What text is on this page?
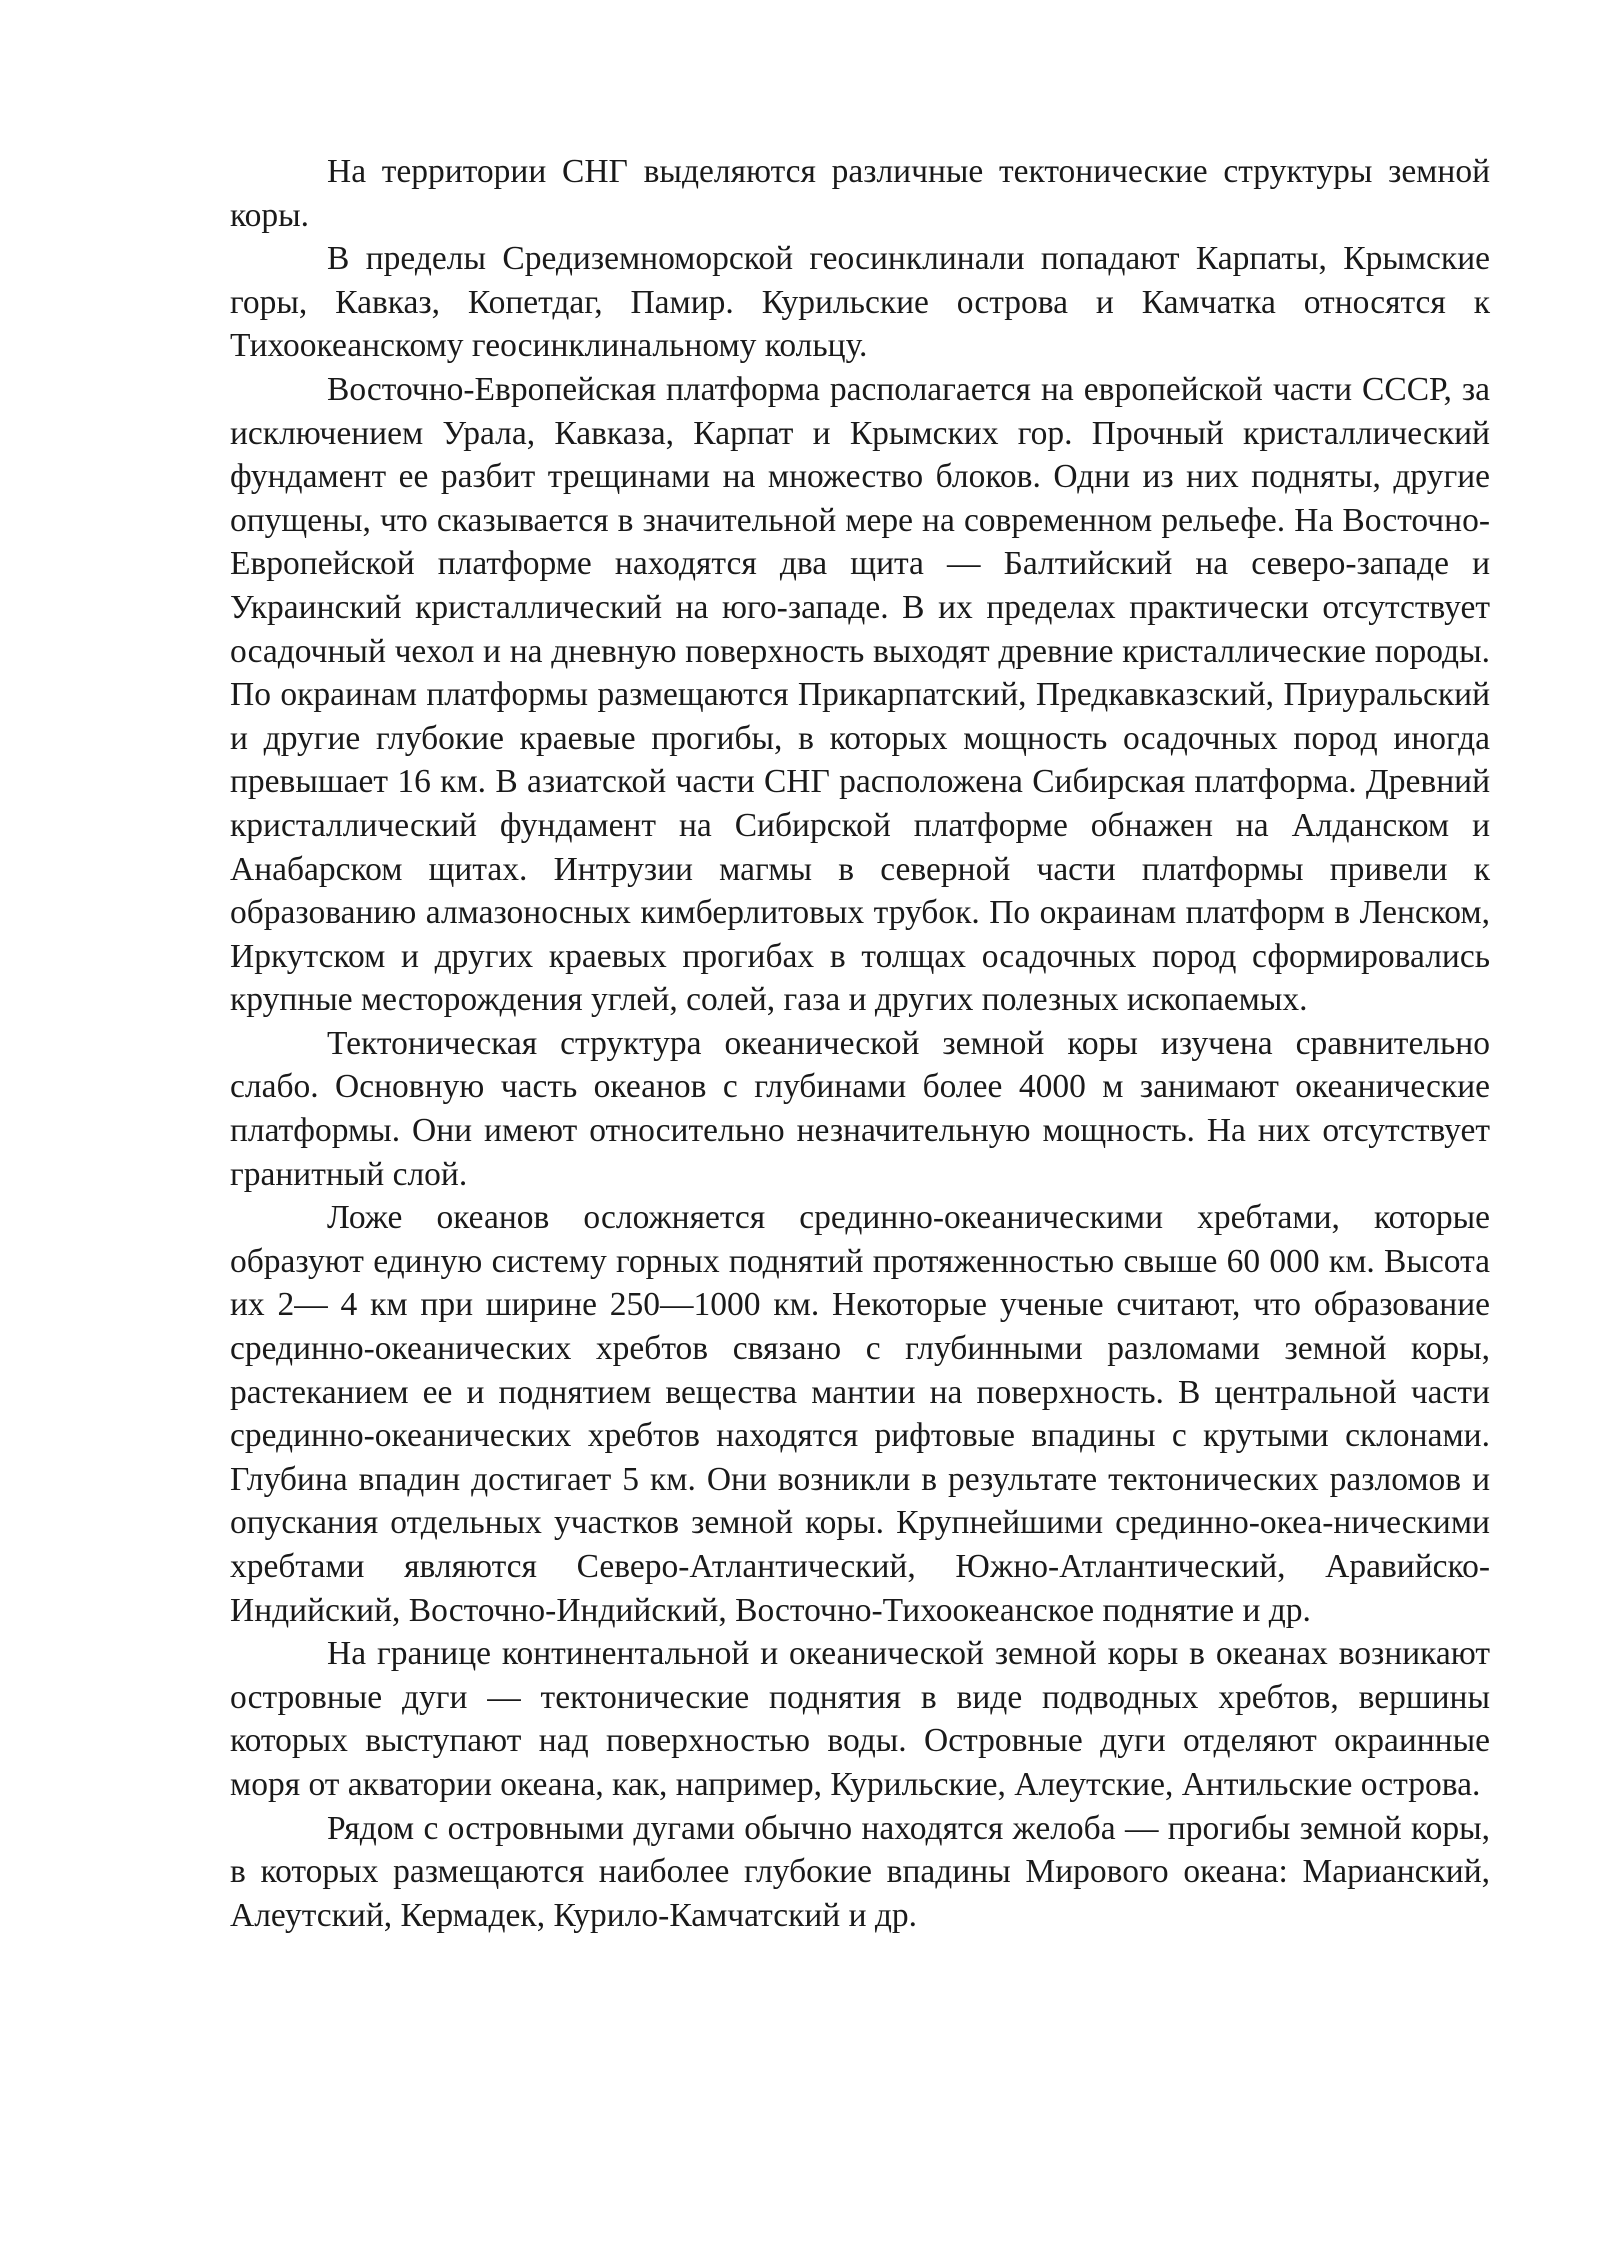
На территории СНГ выделяются различные тектонические структуры земной коры.

В пределы Средиземноморской геосинклинали попадают Карпаты, Крымские горы, Кавказ, Копетдаг, Памир. Курильские острова и Камчатка относятся к Тихоокеанскому геосинклинальному кольцу.

Восточно-Европейская платформа располагается на европейской части СССР, за исключением Урала, Кавказа, Карпат и Крымских гор. Прочный кристаллический фундамент ее разбит трещинами на множество блоков. Одни из них подняты, другие опущены, что сказывается в значительной мере на современном рельефе. На Восточно-Европейской платформе находятся два щита — Балтийский на северо-западе и Украинский кристаллический на юго-западе. В их пределах практически отсутствует осадочный чехол и на дневную поверхность выходят древние кристаллические породы. По окраинам платформы размещаются Прикарпатский, Предкавказский, Приуральский и другие глубокие краевые прогибы, в которых мощность осадочных пород иногда превышает 16 км. В азиатской части СНГ расположена Сибирская платформа. Древний кристаллический фундамент на Сибирской платформе обнажен на Алданском и Анабарском щитах. Интрузии магмы в северной части платформы привели к образованию алмазоносных кимберлитовых трубок. По окраинам платформ в Ленском, Иркутском и других краевых прогибах в толщах осадочных пород сформировались крупные месторождения углей, солей, газа и других полезных ископаемых.

Тектоническая структура океанической земной коры изучена сравнительно слабо. Основную часть океанов с глубинами более 4000 м занимают океанические платформы. Они имеют относительно незначительную мощность. На них отсутствует гранитный слой.

Ложе океанов осложняется срединно-океаническими хребтами, которые образуют единую систему горных поднятий протяженностью свыше 60 000 км. Высота их 2— 4 км при ширине 250—1000 км. Некоторые ученые считают, что образование срединно-океанических хребтов связано с глубинными разломами земной коры, растеканием ее и поднятием вещества мантии на поверхность. В центральной части срединно-океанических хребтов находятся рифтовые впадины с крутыми склонами. Глубина впадин достигает 5 км. Они возникли в результате тектонических разломов и опускания отдельных участков земной коры. Крупнейшими срединно-океа-ническими хребтами являются Северо-Атлантический, Южно-Атлантический, Аравийско-Индийский, Восточно-Индийский, Восточно-Тихоокеанское поднятие и др.

На границе континентальной и океанической земной коры в океанах возникают островные дуги — тектонические поднятия в виде подводных хребтов, вершины которых выступают над поверхностью воды. Островные дуги отделяют окраинные моря от акватории океана, как, например, Курильские, Алеутские, Антильские острова.

Рядом с островными дугами обычно находятся желоба — прогибы земной коры, в которых размещаются наиболее глубокие впадины Мирового океана: Марианский, Алеутский, Кермадек, Курило-Камчатский и др.
